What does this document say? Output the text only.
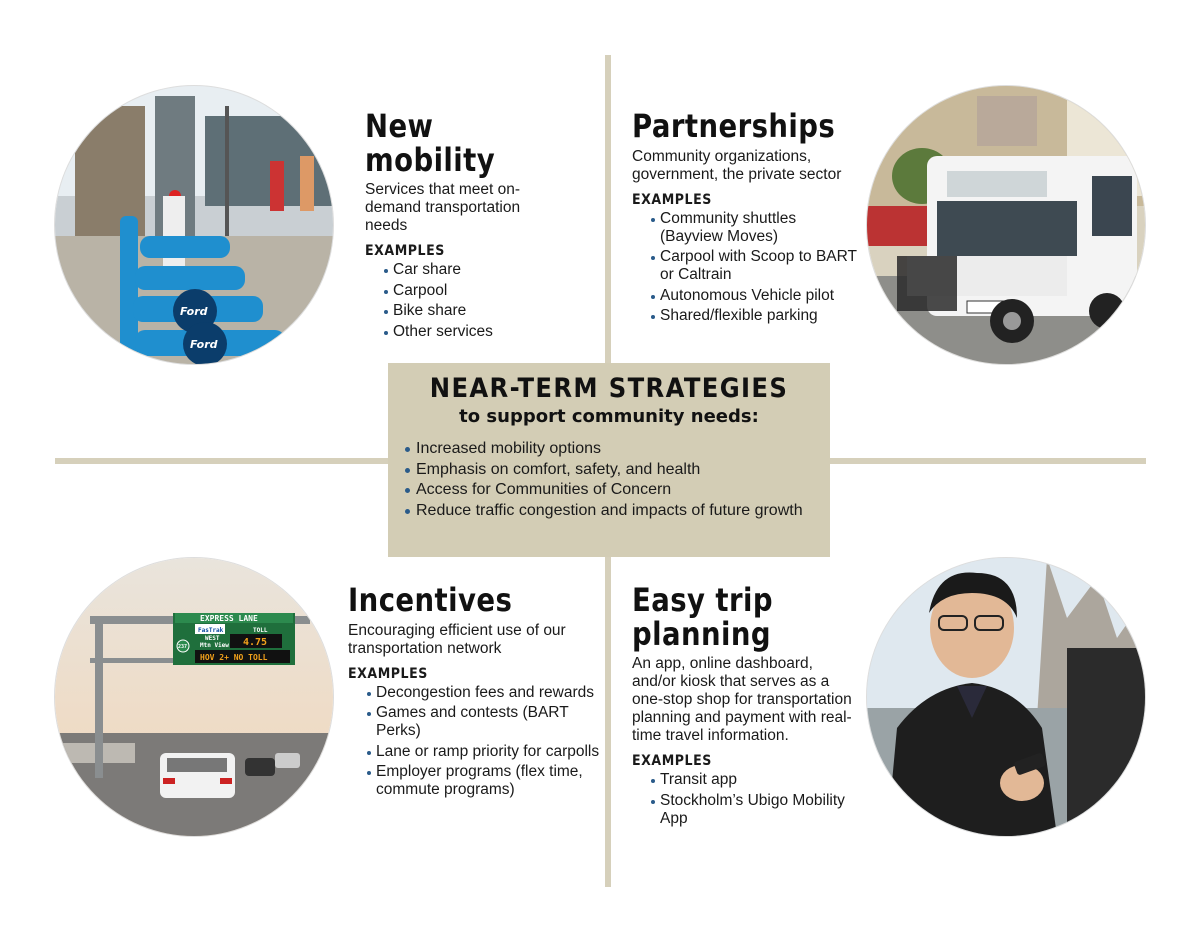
Ford
Ford
New mobility

Services that meet on-demand transportation needs

EXAMPLES
Car share
Carpool
Bike share
Other services
Partnerships

Community organizations, government, the private sector

EXAMPLES
Community shuttles (Bayview Moves)
Carpool with Scoop to BART or Caltrain
Autonomous Vehicle pilot
Shared/flexible parking
NEAR-TERM STRATEGIES
to support community needs:
Increased mobility options
Emphasis on comfort, safety, and health
Access for Communities of Concern
Reduce traffic congestion and impacts of future growth
EXPRESS LANE
FasTrak	TOLL
WEST
Mtn View 4.75
HOV 2+ NO TOLL
237
Incentives

Encouraging efficient use of our transportation network

EXAMPLES
Decongestion fees and rewards
Games and contests (BART Perks)
Lane or ramp priority for carpolls
Employer programs (flex time, commute programs)
Easy trip
planning

An app, online dashboard, and/or kiosk that serves as a one-stop shop for transportation planning and payment with real-time travel information.

EXAMPLES
Transit app
Stockholm’s Ubigo Mobility App
